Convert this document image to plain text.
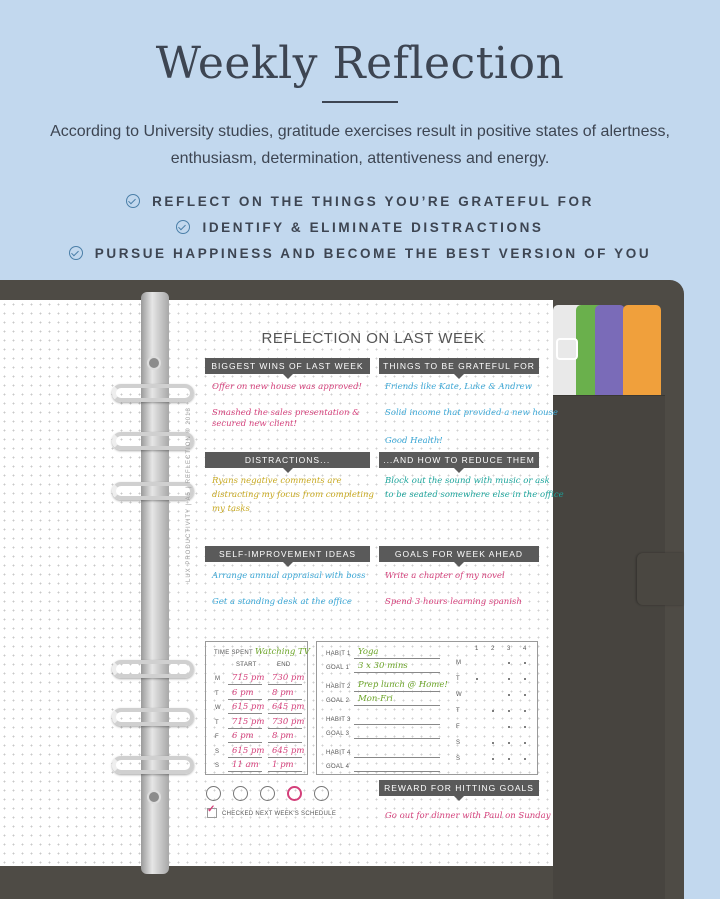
Weekly Reflection
According to University studies, gratitude exercises result in positive states of alertness, enthusiasm, determination, attentiveness and energy.
REFLECT ON THE THINGS YOU’RE GRATEFUL FOR
IDENTIFY & ELIMINATE DISTRACTIONS
PURSUE HAPPINESS AND BECOME THE BEST VERSION OF YOU
LUX PRODUCTIVITY | A5 | REFLECTION © 2018
REFLECTION ON LAST WEEK
BIGGEST WINS OF LAST WEEK
Offer on new house was approved!
Smashed the sales presentation &
secured new client!
THINGS TO BE GRATEFUL FOR
Friends like Kate, Luke & Andrew
Solid income that provided a new house
Good Health!
DISTRACTIONS...
Ryans negative comments are
distracting my focus from completing
my tasks
...AND HOW TO REDUCE THEM
Block out the sound with music or ask
to be seated somewhere else in the office
SELF-IMPROVEMENT IDEAS
Arrange annual appraisal with boss
Get a standing desk at the office
GOALS FOR WEEK AHEAD
Write a chapter of my novel
Spend 3 hours learning spanish
TIME SPENT Watching TV
START	END
✓ CHECKED NEXT WEEK'S SCHEDULE
REWARD FOR HITTING GOALS
Go out for dinner with Paul on Sunday
M 715 pm 730 pm
T 6 pm 8 pm
W 615 pm 645 pm
T 715 pm 730 pm
F 6 pm 8 pm
S 615 pm 645 pm
S 11 am 1 pm
HABIT 1 Yoga
GOAL 1 3 x 30 mins
HABIT 2 Prep lunch @ Home!
GOAL 2 Mon-Fri
HABIT 3
GOAL 3
HABIT 4
GOAL 4
1 2 3 4
M
T
W
T
F
S
S
